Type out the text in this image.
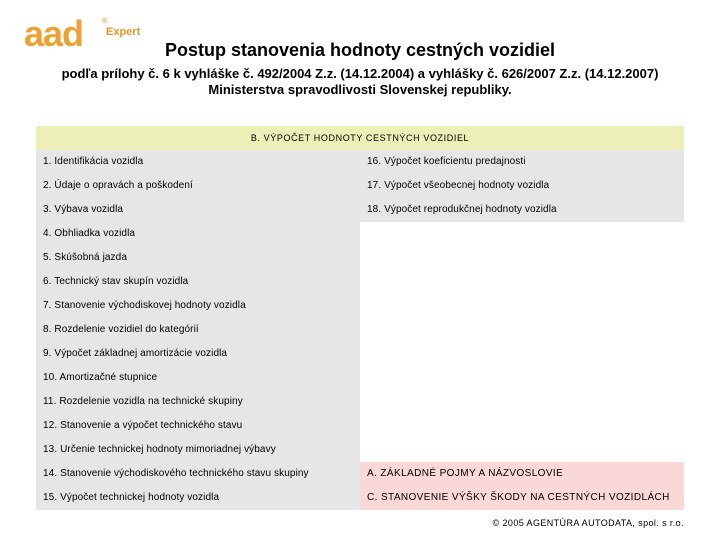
aad	®
Expert
Postup stanovenia hodnoty cestných vozidiel
podľa prílohy č. 6 k vyhláške č. 492/2004 Z.z. (14.12.2004) a vyhlášky č. 626/2007 Z.z. (14.12.2007) Ministerstva spravodlivosti Slovenskej republiky.
B. VÝPOČET HODNOTY CESTNÝCH VOZIDIEL
1. Identifikácia vozidla
2. Údaje o opravách a poškodení
3. Výbava vozidla
4. Obhliadka vozidla
5. Skúšobná jazda
6. Technický stav skupín vozidla
7. Stanovenie východiskovej hodnoty vozidla
8. Rozdelenie vozidiel do kategórií
9. Výpočet základnej amortizácie vozidla
10. Amortizačné stupnice
11. Rozdelenie vozidla na technické skupiny
12. Stanovenie a výpočet technického stavu
13. Určenie technickej hodnoty mimoriadnej výbavy
14. Stanovenie východiskového technického stavu skupiny
15. Výpočet technickej hodnoty vozidla
16. Výpočet koeficientu predajnosti
17. Výpočet všeobecnej hodnoty vozidla
18. Výpočet reprodukčnej hodnoty vozidla
A. ZÁKLADNÉ POJMY A NÁZVOSLOVIE
C. STANOVENIE VÝŠKY ŠKODY NA CESTNÝCH VOZIDLÁCH
© 2005 AGENTÚRA AUTODATA, spol. s r.o.
